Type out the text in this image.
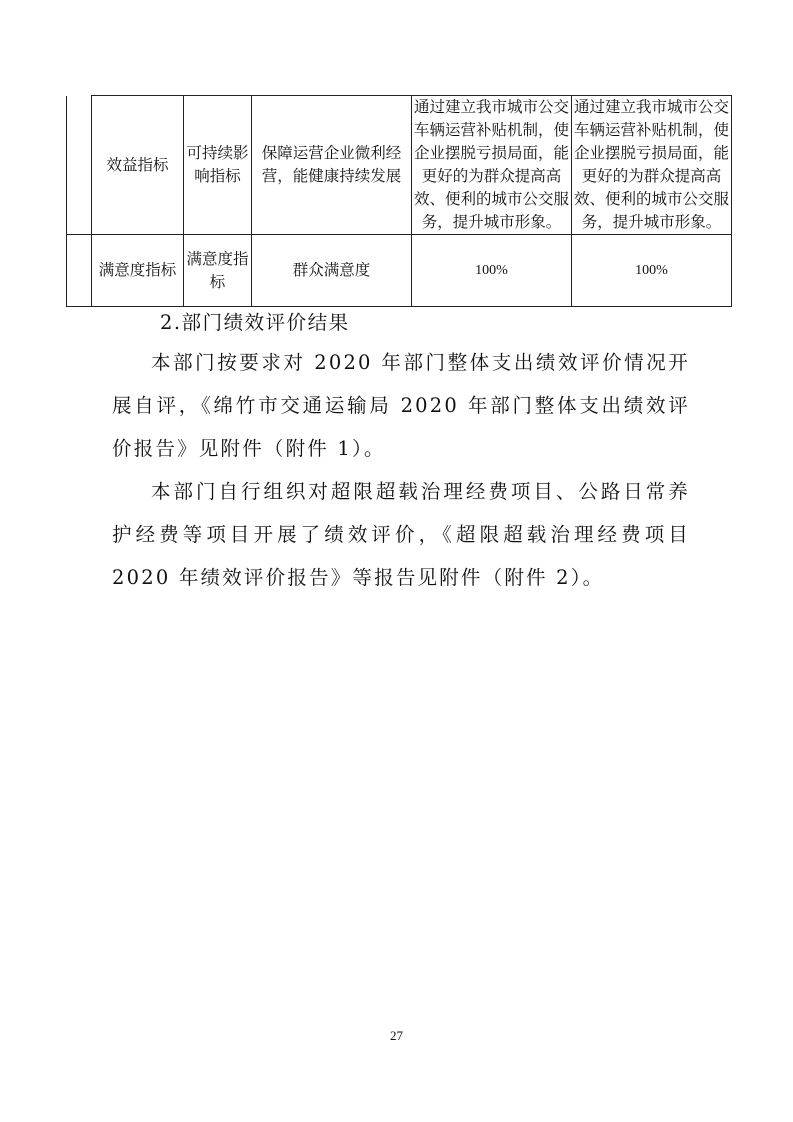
	效益指标	可持续影响指标	保障运营企业微利经营，能健康持续发展	通过建立我市城市公交车辆运营补贴机制，使企业摆脱亏损局面，能更好的为群众提高高效、便利的城市公交服务，提升城市形象。	通过建立我市城市公交车辆运营补贴机制，使企业摆脱亏损局面，能更好的为群众提高高效、便利的城市公交服务，提升城市形象。
	满意度指标	满意度指标	群众满意度	100%	100%

2.部门绩效评价结果

本部门按要求对 2020 年部门整体支出绩效评价情况开展自评，《绵竹市交通运输局 2020 年部门整体支出绩效评价报告》见附件（附件 1）。

本部门自行组织对超限超载治理经费项目、公路日常养护经费等项目开展了绩效评价，《超限超载治理经费项目 2020 年绩效评价报告》等报告见附件（附件 2）。

27
